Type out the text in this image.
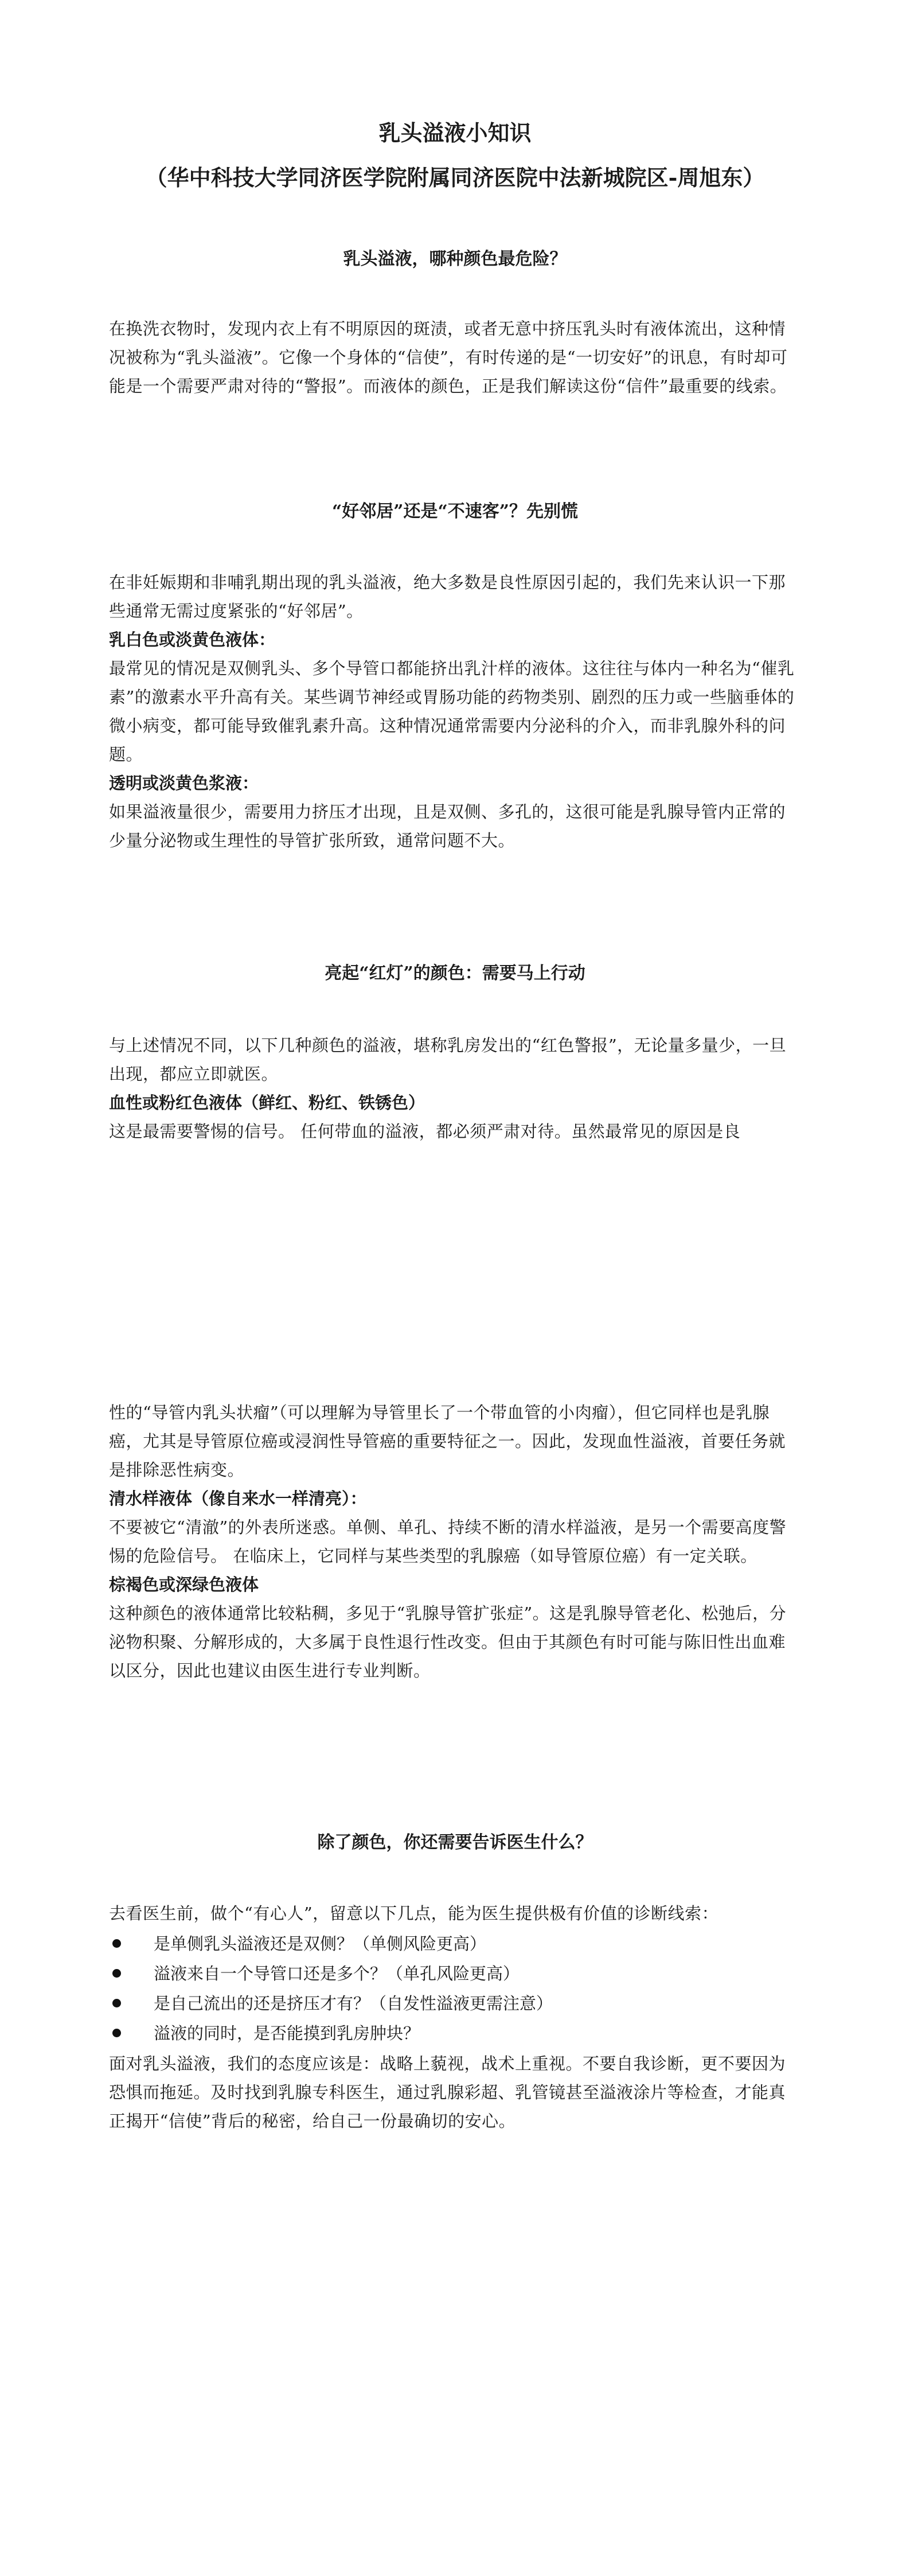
乳头溢液小知识
（华中科技大学同济医学院附属同济医院中法新城院区-周旭东）
乳头溢液，哪种颜色最危险？

在换洗衣物时，发现内衣上有不明原因的斑渍，或者无意中挤压乳头时有液体流出，这种情况被称为“乳头溢液”。它像一个身体的“信使”，有时传递的是“一切安好”的讯息，有时却可能是一个需要严肃对待的“警报”。而液体的颜色，正是我们解读这份“信件”最重要的线索。

“好邻居”还是“不速客”？先别慌

在非妊娠期和非哺乳期出现的乳头溢液，绝大多数是良性原因引起的，我们先来认识一下那些通常无需过度紧张的“好邻居”。

乳白色或淡黄色液体：

最常见的情况是双侧乳头、多个导管口都能挤出乳汁样的液体。这往往与体内一种名为“催乳素”的激素水平升高有关。某些调节神经或胃肠功能的药物类别、剧烈的压力或一些脑垂体的微小病变，都可能导致催乳素升高。这种情况通常需要内分泌科的介入，而非乳腺外科的问题。

透明或淡黄色浆液：

如果溢液量很少，需要用力挤压才出现，且是双侧、多孔的，这很可能是乳腺导管内正常的少量分泌物或生理性的导管扩张所致，通常问题不大。

亮起“红灯”的颜色：需要马上行动

与上述情况不同，以下几种颜色的溢液，堪称乳房发出的“红色警报”，无论量多量少，一旦出现，都应立即就医。

血性或粉红色液体（鲜红、粉红、铁锈色）

这是最需要警惕的信号。 任何带血的溢液，都必须严肃对待。虽然最常见的原因是良

性的“导管内乳头状瘤”（可以理解为导管里长了一个带血管的小肉瘤），但它同样也是乳腺癌，尤其是导管原位癌或浸润性导管癌的重要特征之一。因此，发现血性溢液，首要任务就是排除恶性病变。

清水样液体（像自来水一样清亮）：

不要被它“清澈”的外表所迷惑。单侧、单孔、持续不断的清水样溢液，是另一个需要高度警惕的危险信号。 在临床上，它同样与某些类型的乳腺癌（如导管原位癌）有一定关联。

棕褐色或深绿色液体

这种颜色的液体通常比较粘稠，多见于“乳腺导管扩张症”。这是乳腺导管老化、松弛后，分泌物积聚、分解形成的，大多属于良性退行性改变。但由于其颜色有时可能与陈旧性出血难以区分，因此也建议由医生进行专业判断。

除了颜色，你还需要告诉医生什么？

去看医生前，做个“有心人”，留意以下几点，能为医生提供极有价值的诊断线索：

是单侧乳头溢液还是双侧？（单侧风险更高）
溢液来自一个导管口还是多个？（单孔风险更高）
是自己流出的还是挤压才有？（自发性溢液更需注意）
溢液的同时，是否能摸到乳房肿块？

面对乳头溢液，我们的态度应该是：战略上藐视，战术上重视。不要自我诊断，更不要因为恐惧而拖延。及时找到乳腺专科医生，通过乳腺彩超、乳管镜甚至溢液涂片等检查，才能真正揭开“信使”背后的秘密，给自己一份最确切的安心。
